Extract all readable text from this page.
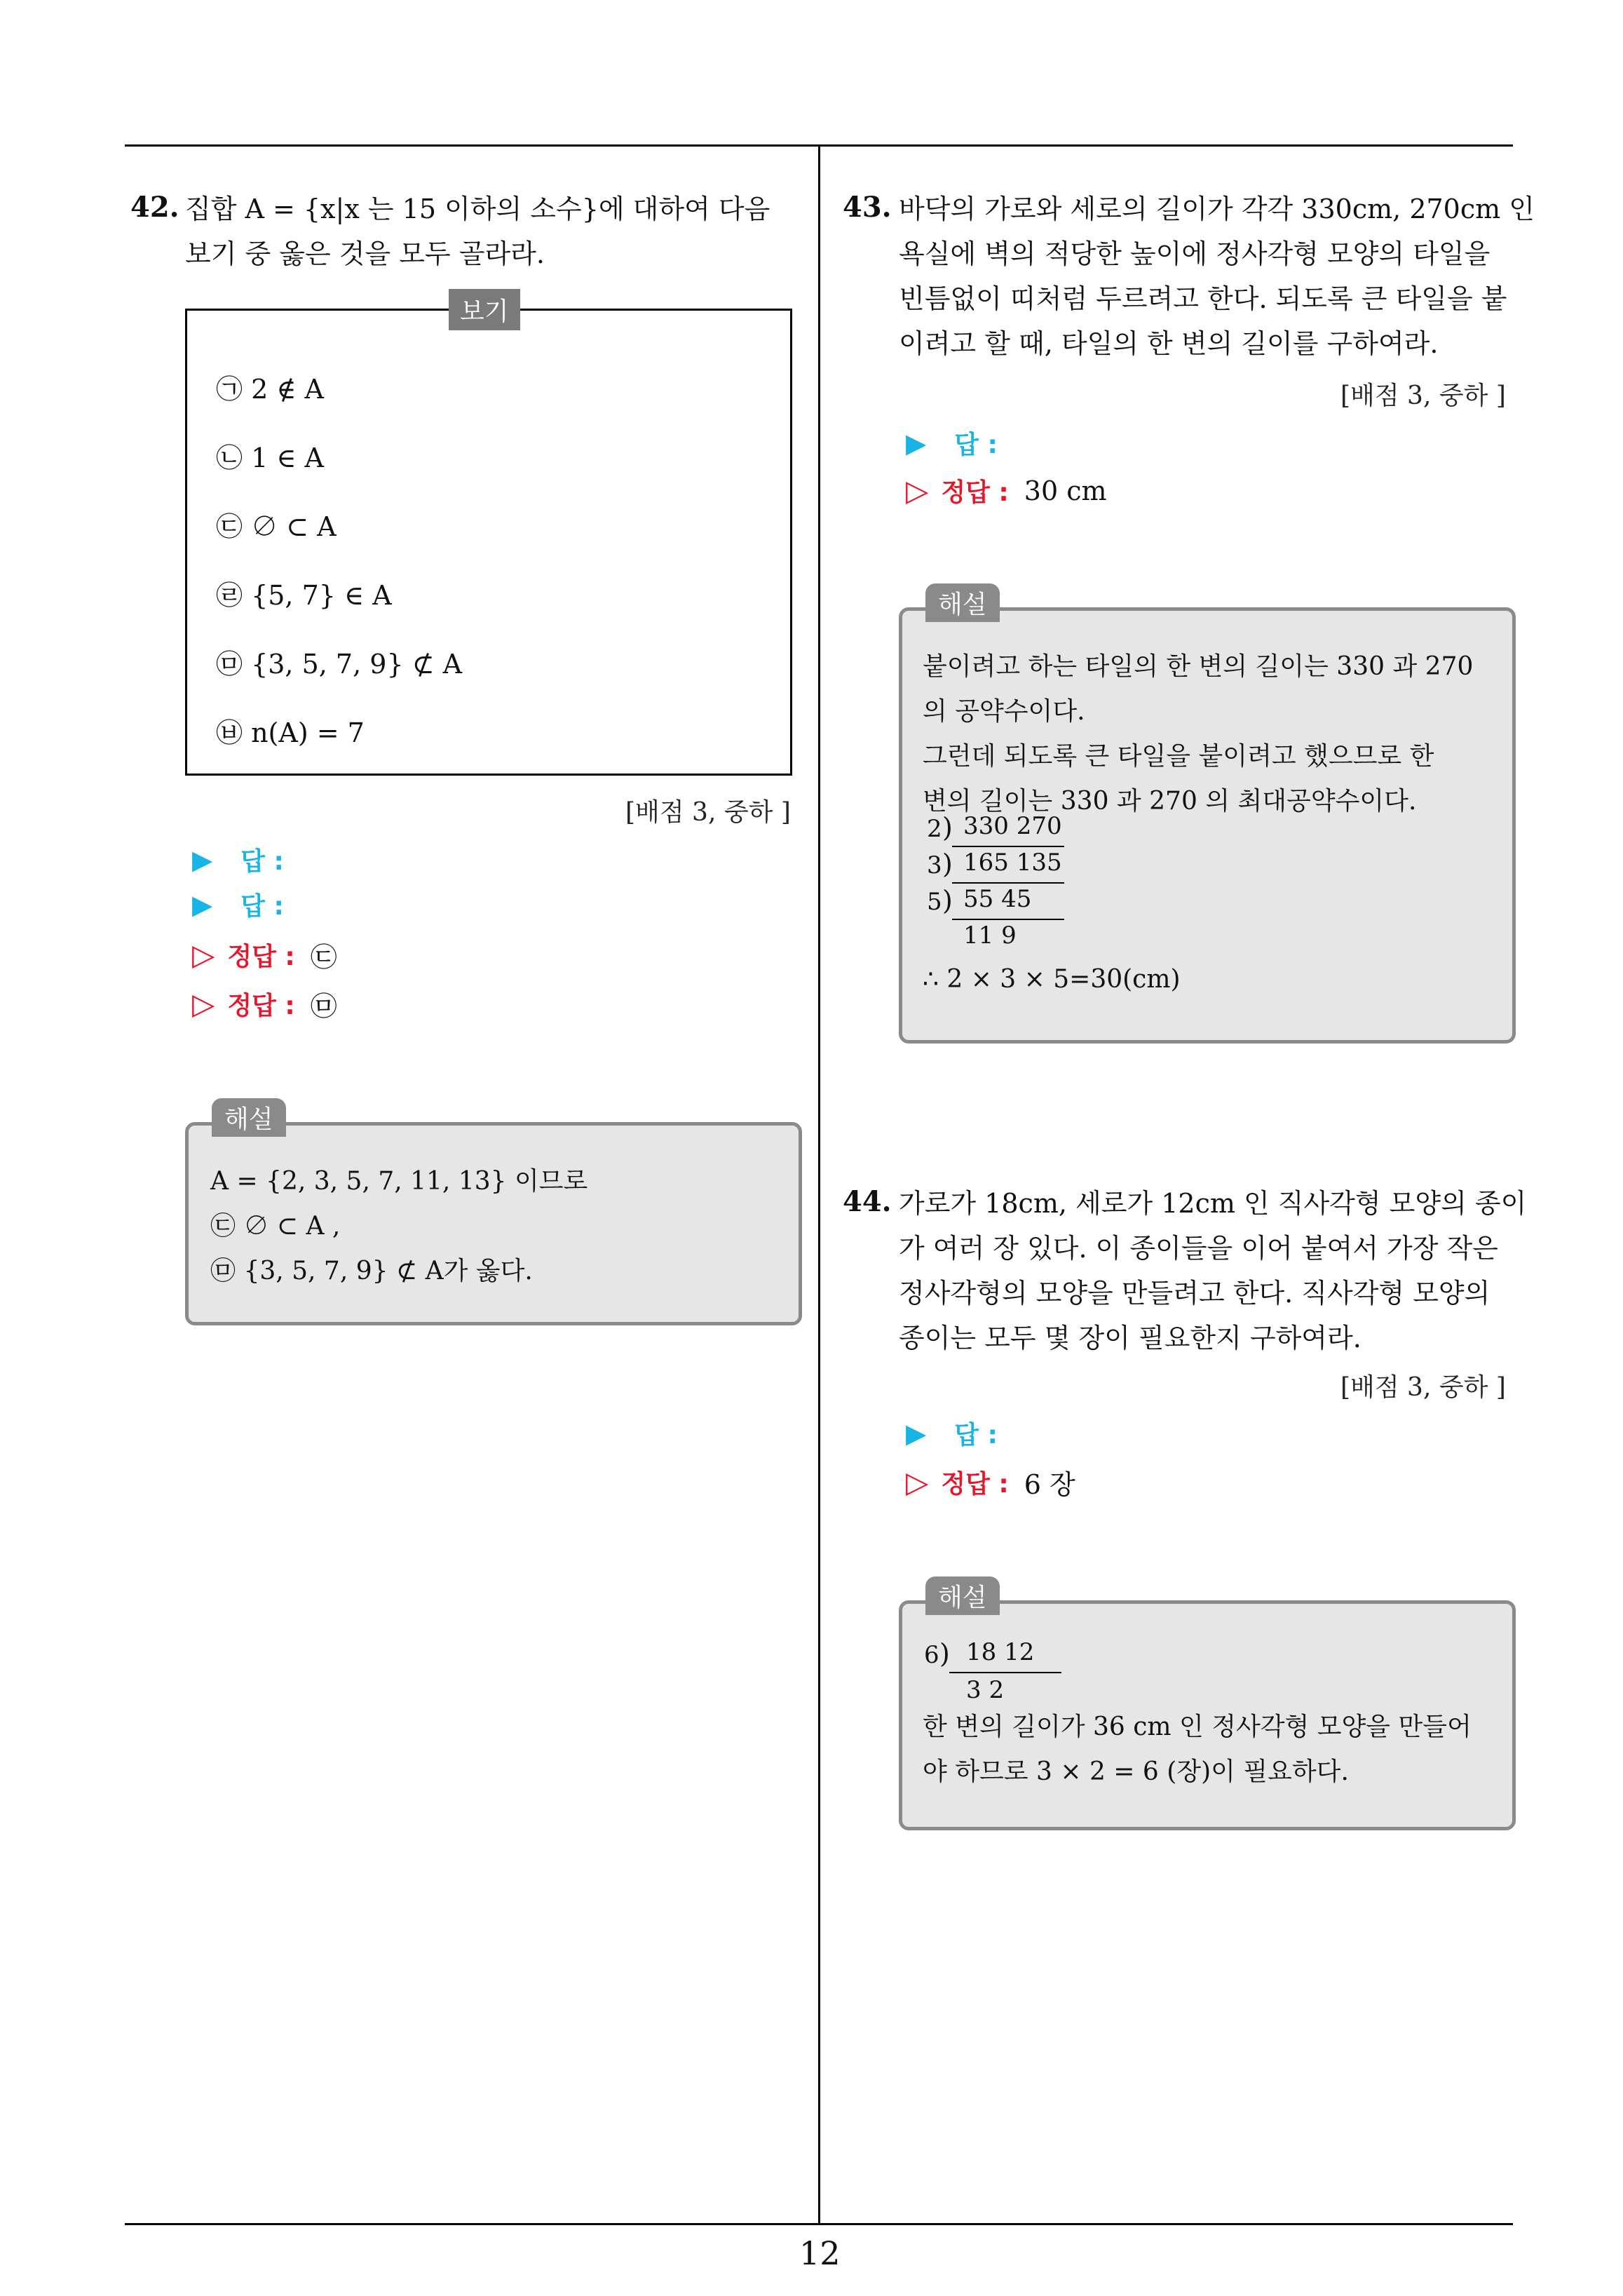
12
42. 집합 A = {x|x 는 15 이하의 소수}에 대하여 다음
보기 중 옳은 것을 모두 골라라.
보기
㉠ 2 ∉ A
㉡ 1 ∈ A
㉢ ∅ ⊂ A
㉣ {5, 7} ∈ A
㉤ {3, 5, 7, 9} ⊄ A
㉥ n(A) = 7
[배점 3, 중하 ]
▶ 답 :
▶ 답 :
▷ 정답 : ㉢
▷ 정답 : ㉤
해설
A = {2, 3, 5, 7, 11, 13} 이므로
㉢ ∅ ⊂ A ,
㉤ {3, 5, 7, 9} ⊄ A가 옳다.
43. 바닥의 가로와 세로의 길이가 각각 330cm, 270cm 인
욕실에 벽의 적당한 높이에 정사각형 모양의 타일을
빈틈없이 띠처럼 두르려고 한다. 되도록 큰 타일을 붙
이려고 할 때, 타일의 한 변의 길이를 구하여라.
[배점 3, 중하 ]
▶ 답 :
▷ 정답 : 30 cm
해설
붙이려고 하는 타일의 한 변의 길이는 330 과 270
의 공약수이다.
그런데 되도록 큰 타일을 붙이려고 했으므로 한
변의 길이는 330 과 270 의 최대공약수이다.
2 ) 330 270
3 ) 165 135
5 ) 55 45
11 9
∴ 2 × 3 × 5=30(cm)
44. 가로가 18cm, 세로가 12cm 인 직사각형 모양의 종이
가 여러 장 있다. 이 종이들을 이어 붙여서 가장 작은
정사각형의 모양을 만들려고 한다. 직사각형 모양의
종이는 모두 몇 장이 필요한지 구하여라.
[배점 3, 중하 ]
▶ 답 :
▷ 정답 : 6 장
해설
6 ) 18 12
3 2
한 변의 길이가 36 cm 인 정사각형 모양을 만들어
야 하므로 3 × 2 = 6 (장)이 필요하다.
